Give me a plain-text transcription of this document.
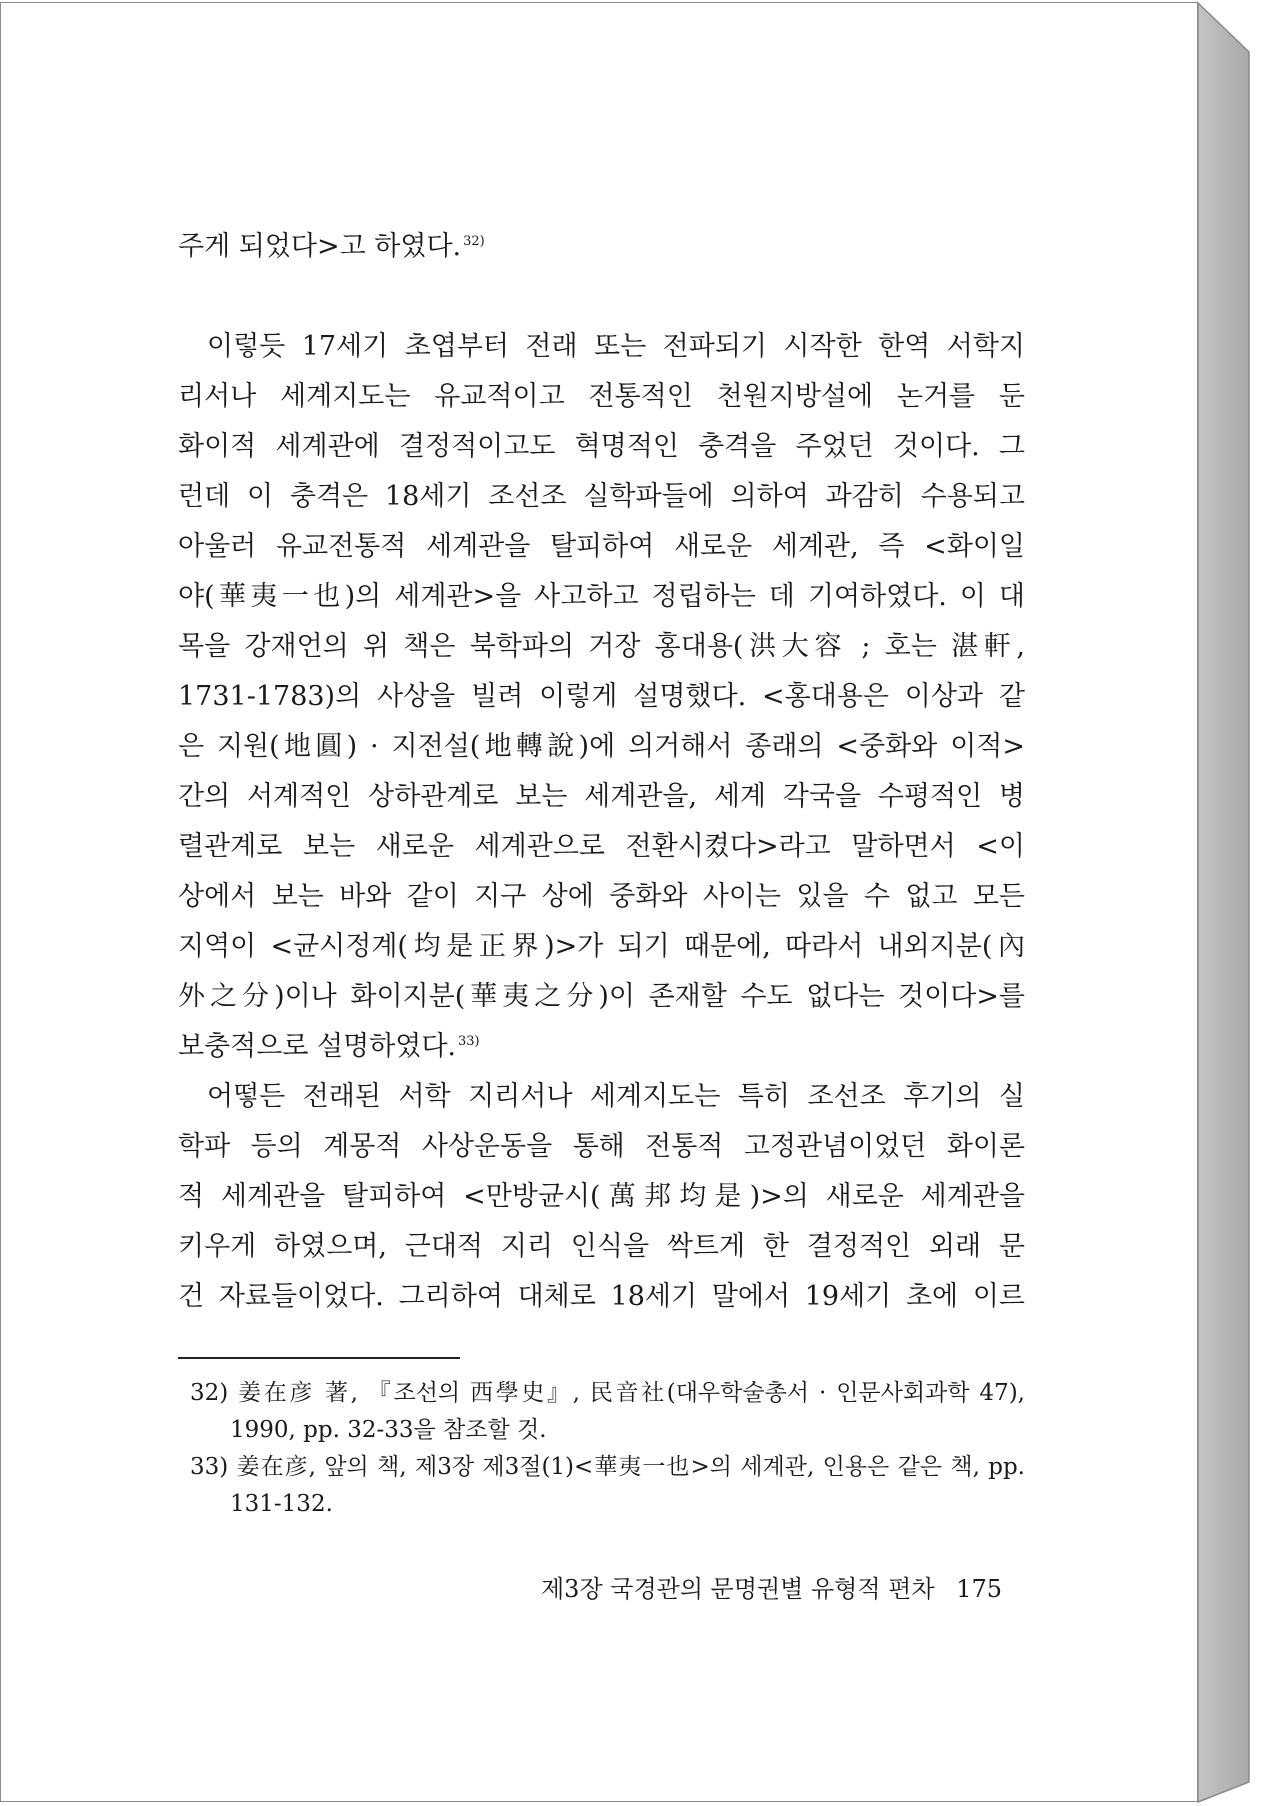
주게 되었다>고 하였다. $^{32)}$
이렇듯 17세기 초엽부터 전래 또는 전파되기 시작한 한역 서학지
리서나 세계지도는 유교적이고 전통적인 천원지방설에 논거를 둔
화이적 세계관에 결정적이고도 혁명적인 충격을 주었던 것이다. 그
런데 이 충격은 18세기 조선조 실학파들에 의하여 과감히 수용되고
아울러 유교전통적 세계관을 탈피하여 새로운 세계관, 즉 <화이일
야(華夷一也)의 세계관>을 사고하고 정립하는 데 기여하였다. 이 대
목을 강재언의 위 책은 북학파의 거장 홍대용(洪大容 ; 호는 湛軒,
1731-1783)의 사상을 빌려 이렇게 설명했다. <홍대용은 이상과 같
은 지원(地圓) · 지전설(地轉說)에 의거해서 종래의 <중화와 이적>
간의 서계적인 상하관계로 보는 세계관을, 세계 각국을 수평적인 병
렬관계로 보는 새로운 세계관으로 전환시켰다>라고 말하면서 <이
상에서 보는 바와 같이 지구 상에 중화와 사이는 있을 수 없고 모든
지역이 <균시정계(均是正界)>가 되기 때문에, 따라서 내외지분(內
外之分)이나 화이지분(華夷之分)이 존재할 수도 없다는 것이다>를
보충적으로 설명하였다. $^{33)}$
어떻든 전래된 서학 지리서나 세계지도는 특히 조선조 후기의 실
학파 등의 계몽적 사상운동을 통해 전통적 고정관념이었던 화이론
적 세계관을 탈피하여 <만방균시(萬邦均是)>의 새로운 세계관을
키우게 하였으며, 근대적 지리 인식을 싹트게 한 결정적인 외래 문
건 자료들이었다. 그리하여 대체로 18세기 말에서 19세기 초에 이르
32) 姜在彦 著, 『조선의 西學史』, 民音社(대우학술총서 · 인문사회과학 47),
1990, pp. 32-33을 참조할 것.
33) 姜在彦, 앞의 책, 제3장 제3절(1)<華夷一也>의 세계관, 인용은 같은 책, pp.
131-132.
제3장 국경관의 문명권별 유형적 편차 175
